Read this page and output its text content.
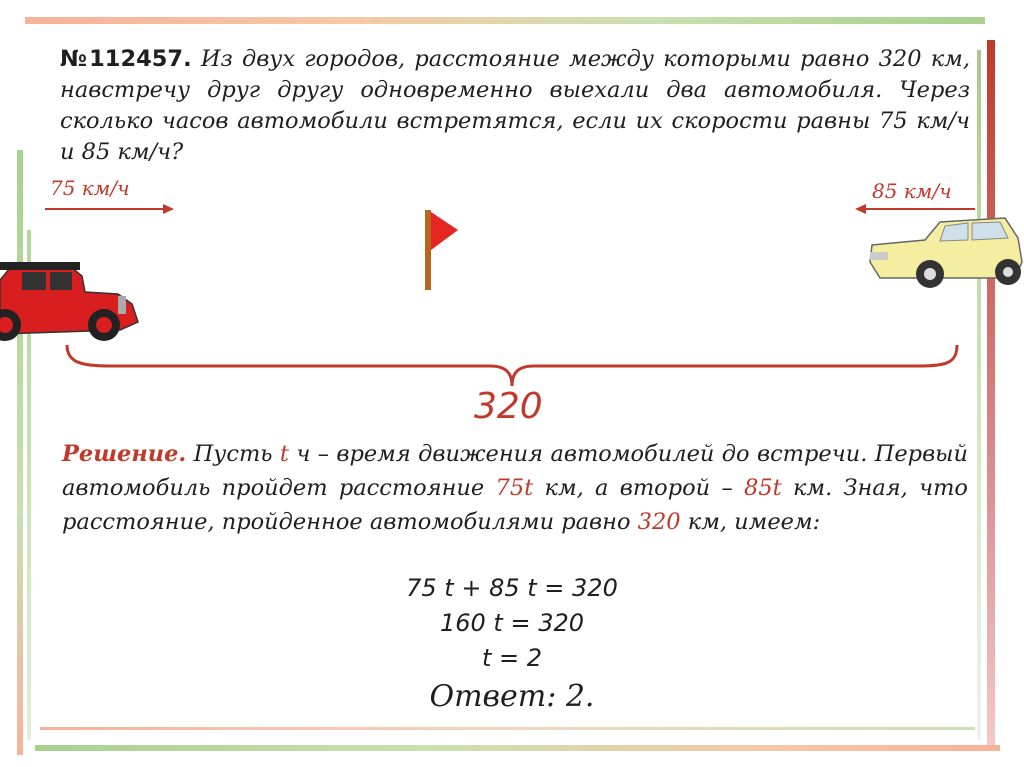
№112457. Из двух городов, расстояние между которыми равно 320 км, навстречу друг другу одновременно выехали два автомобиля. Через сколько часов автомобили встретятся, если их скорости равны 75 км/ч и 85 км/ч?
75 км/ч	85 км/ч
320
Решение. Пусть t ч – время движения автомобилей до встречи. Первый автомобиль пройдет расстояние 75t км, а второй – 85t км. Зная, что расстояние, пройденное автомобилями равно 320 км, имеем:
75 t + 85 t = 320
160 t = 320
t = 2
Ответ: 2.
